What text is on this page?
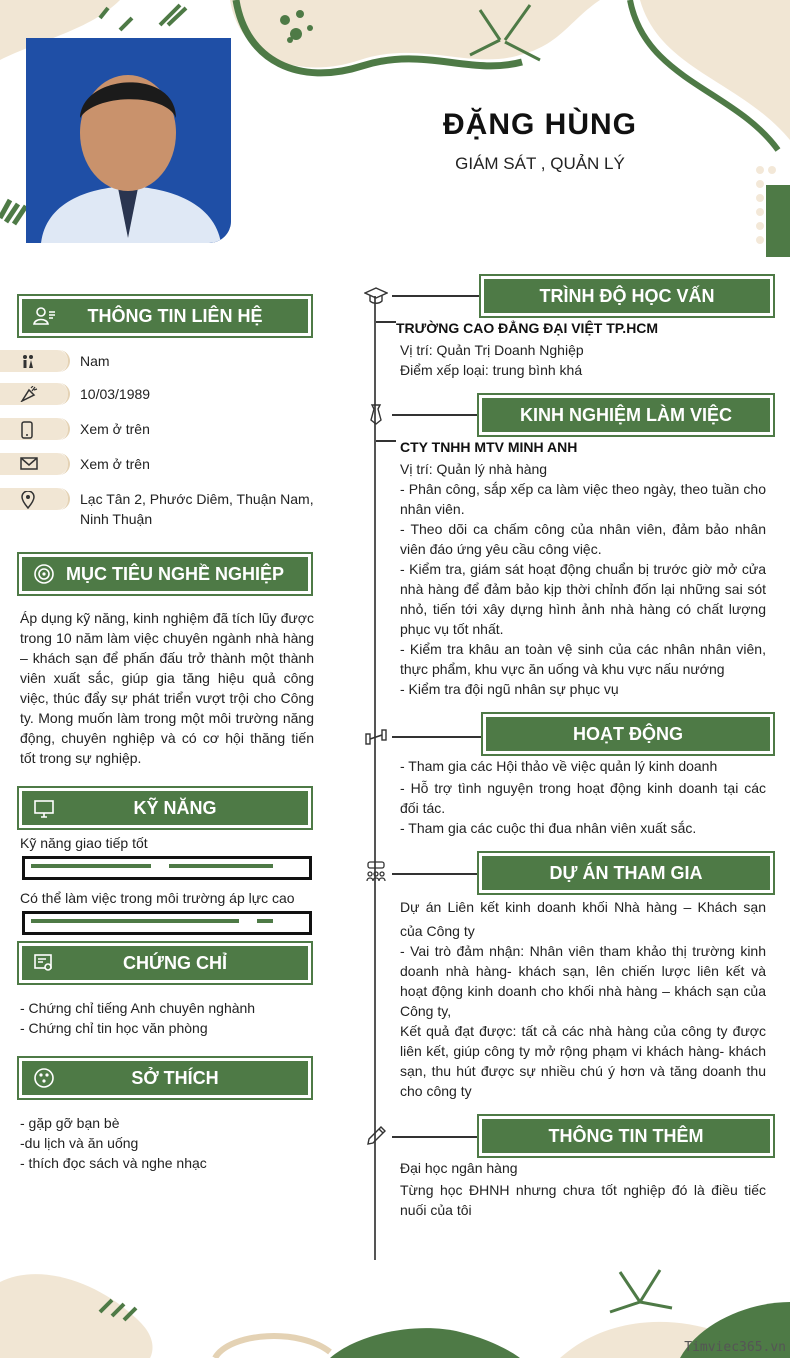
ĐẶNG HÙNG
GIÁM SÁT , QUẢN LÝ
THÔNG TIN LIÊN HỆ
Nam
10/03/1989
Xem ở trên
Xem ở trên
Lạc Tân 2, Phước Diêm, Thuận Nam, Ninh Thuận
MỤC TIÊU NGHỀ NGHIỆP
Áp dụng kỹ năng, kinh nghiệm đã tích lũy được trong 10 năm làm việc chuyên ngành nhà hàng – khách sạn để phấn đấu trở thành một thành viên xuất sắc, giúp gia tăng hiệu quả công việc, thúc đẩy sự phát triển vượt trội cho Công ty. Mong muốn làm trong một môi trường năng động, chuyên nghiệp và có cơ hội thăng tiến tốt trong sự nghiệp.
KỸ NĂNG
Kỹ năng giao tiếp tốt
Có thể làm việc trong môi trường áp lực cao
CHỨNG CHỈ
- Chứng chỉ tiếng Anh chuyên nghành
- Chứng chỉ tin học văn phòng
SỞ THÍCH
- gặp gỡ bạn bè
-du lịch và ăn uống
- thích đọc sách và nghe nhạc
TRÌNH ĐỘ HỌC VẤN
TRƯỜNG CAO ĐẲNG ĐẠI VIỆT TP.HCM
Vị trí: Quản Trị Doanh Nghiệp
Điểm xếp loại: trung bình khá
KINH NGHIỆM LÀM VIỆC
CTY TNHH MTV MINH ANH
Vị trí: Quản lý nhà hàng
- Phân công, sắp xếp ca làm việc theo ngày, theo tuần cho nhân viên.
- Theo dõi ca chấm công của nhân viên, đảm bảo nhân viên đáo ứng yêu cầu công việc.
- Kiểm tra, giám sát hoạt động chuẩn bị trước giờ mở cửa nhà hàng để đảm bảo kịp thời chỉnh đốn lại những sai sót nhỏ, tiến tới xây dựng hình ảnh nhà hàng có chất lượng phục vụ tốt nhất.
- Kiểm tra khâu an toàn vệ sinh của các nhân nhân viên, thực phẩm, khu vực ăn uống và khu vực nấu nướng
- Kiểm tra đội ngũ nhân sự phục vụ
HOẠT ĐỘNG
- Tham gia các Hội thảo về việc quản lý kinh doanh
- Hỗ trợ tình nguyện trong hoạt động kinh doanh tại các đối tác.
- Tham gia các cuộc thi đua nhân viên xuất sắc.
DỰ ÁN THAM GIA
Dự án Liên kết kinh doanh khối Nhà hàng – Khách sạn của Công ty
- Vai trò đảm nhận: Nhân viên tham khảo thị trường kinh doanh nhà hàng- khách sạn, lên chiến lược liên kết và hoạt động kinh doanh cho khối nhà hàng – khách sạn của Công ty,
Kết quả đạt được: tất cả các nhà hàng của công ty được liên kết, giúp công ty mở rộng phạm vi khách hàng- khách sạn, thu hút được sự nhiều chú ý hơn và tăng doanh thu cho công ty
THÔNG TIN THÊM
Đại học ngân hàng
Từng học ĐHNH nhưng chưa tốt nghiệp đó là điều tiếc nuối của tôi
Timviec365.vn
